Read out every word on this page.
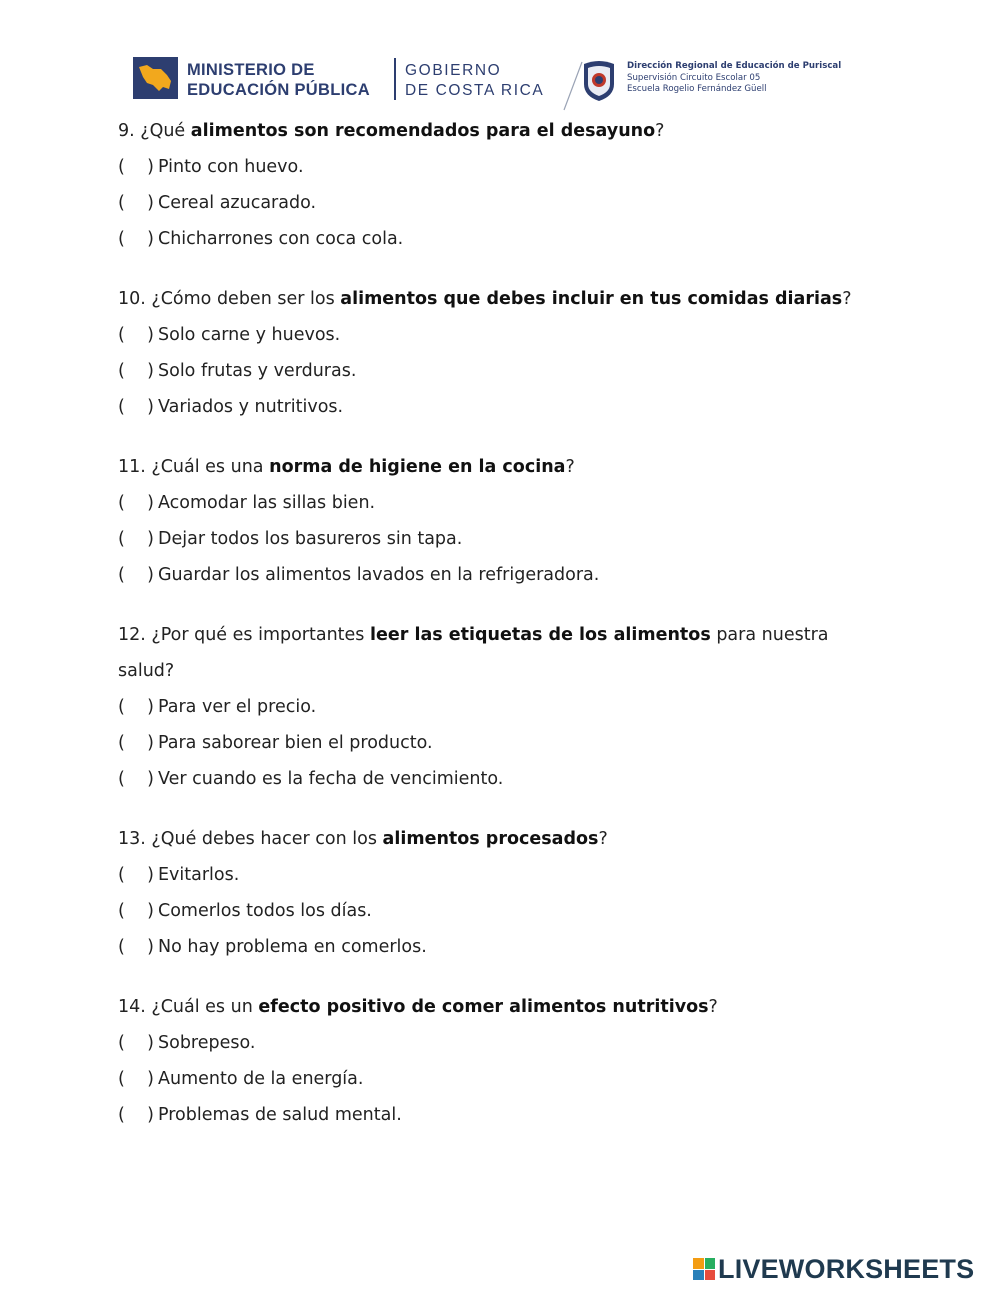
MINISTERIO DE
EDUCACIÓN PÚBLICA
GOBIERNO
DE COSTA RICA
Dirección Regional de Educación de Puriscal
Supervisión Circuito Escolar 05
Escuela Rogelio Fernández Güell
9. ¿Qué alimentos son recomendados para el desayuno?
( ) Pinto con huevo.
( ) Cereal azucarado.
( ) Chicharrones con coca cola.
10. ¿Cómo deben ser los alimentos que debes incluir en tus comidas diarias?
( ) Solo carne y huevos.
( ) Solo frutas y verduras.
( ) Variados y nutritivos.
11. ¿Cuál es una norma de higiene en la cocina?
( ) Acomodar las sillas bien.
( ) Dejar todos los basureros sin tapa.
( ) Guardar los alimentos lavados en la refrigeradora.
12. ¿Por qué es importantes leer las etiquetas de los alimentos para nuestra
salud?
( ) Para ver el precio.
( ) Para saborear bien el producto.
( ) Ver cuando es la fecha de vencimiento.
13. ¿Qué debes hacer con los alimentos procesados?
( ) Evitarlos.
( ) Comerlos todos los días.
( ) No hay problema en comerlos.
14. ¿Cuál es un efecto positivo de comer alimentos nutritivos?
( ) Sobrepeso.
( ) Aumento de la energía.
( ) Problemas de salud mental.
LIVEWORKSHEETS
